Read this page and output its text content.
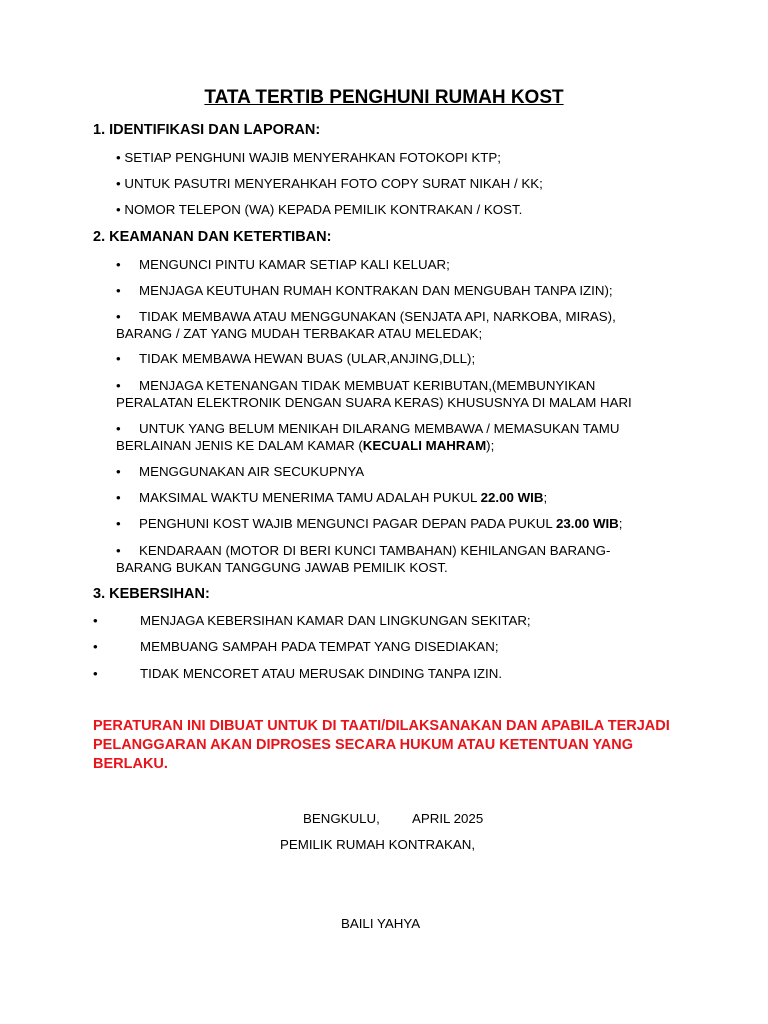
TATA TERTIB PENGHUNI RUMAH KOST
1. IDENTIFIKASI DAN LAPORAN:
• SETIAP PENGHUNI WAJIB MENYERAHKAN FOTOKOPI KTP;
• UNTUK PASUTRI MENYERAHKAH FOTO COPY SURAT NIKAH / KK;
• NOMOR TELEPON (WA) KEPADA PEMILIK KONTRAKAN / KOST.
2. KEAMANAN DAN KETERTIBAN:
• MENGUNCI PINTU KAMAR SETIAP KALI KELUAR;
• MENJAGA KEUTUHAN RUMAH KONTRAKAN DAN MENGUBAH TANPA IZIN);
• TIDAK MEMBAWA ATAU MENGGUNAKAN (SENJATA API, NARKOBA, MIRAS),
BARANG / ZAT YANG MUDAH TERBAKAR ATAU MELEDAK;
• TIDAK MEMBAWA HEWAN BUAS (ULAR,ANJING,DLL);
• MENJAGA KETENANGAN TIDAK MEMBUAT KERIBUTAN,(MEMBUNYIKAN
PERALATAN ELEKTRONIK DENGAN SUARA KERAS) KHUSUSNYA DI MALAM HARI
• UNTUK YANG BELUM MENIKAH DILARANG MEMBAWA / MEMASUKAN TAMU
BERLAINAN JENIS KE DALAM KAMAR (KECUALI MAHRAM);
• MENGGUNAKAN AIR SECUKUPNYA
• MAKSIMAL WAKTU MENERIMA TAMU ADALAH PUKUL 22.00 WIB;
• PENGHUNI KOST WAJIB MENGUNCI PAGAR DEPAN PADA PUKUL 23.00 WIB;
• KENDARAAN (MOTOR DI BERI KUNCI TAMBAHAN) KEHILANGAN BARANG-
BARANG BUKAN TANGGUNG JAWAB PEMILIK KOST.
3. KEBERSIHAN:
•	MENJAGA KEBERSIHAN KAMAR DAN LINGKUNGAN SEKITAR;
•	MEMBUANG SAMPAH PADA TEMPAT YANG DISEDIAKAN;
•	TIDAK MENCORET ATAU MERUSAK DINDING TANPA IZIN.
PERATURAN INI DIBUAT UNTUK DI TAATI/DILAKSANAKAN DAN APABILA TERJADI PELANGGARAN AKAN DIPROSES SECARA HUKUM ATAU KETENTUAN YANG BERLAKU.
BENGKULU, APRIL 2025
PEMILIK RUMAH KONTRAKAN,
BAILI YAHYA
